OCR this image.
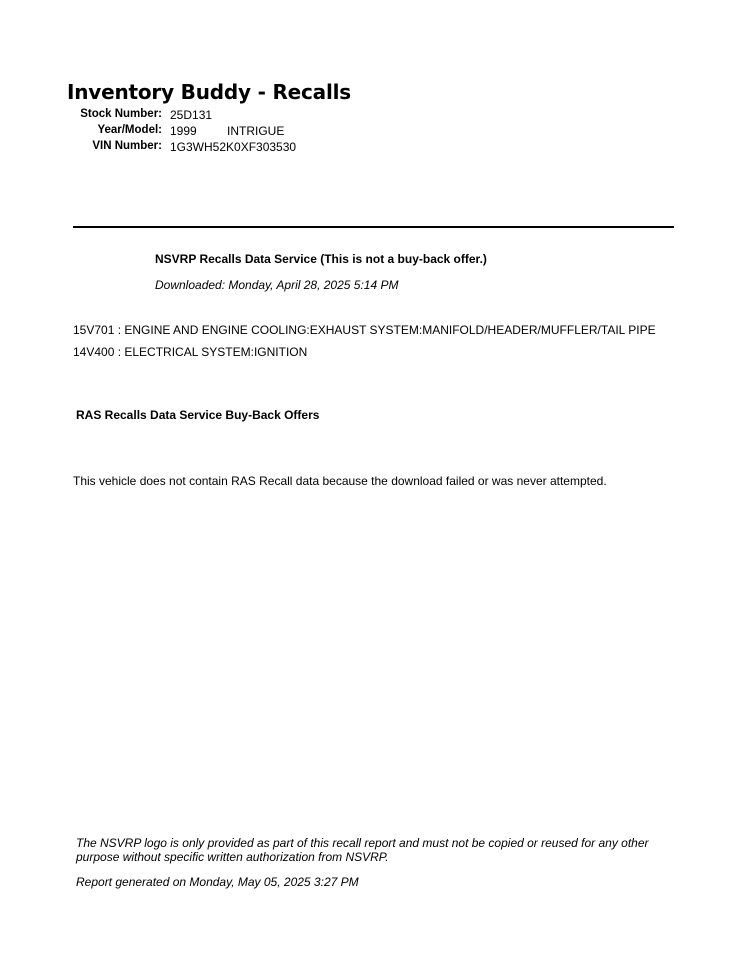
Inventory Buddy - Recalls
Stock Number: 25D131
Year/Model: 1999	INTRIGUE
VIN Number: 1G3WH52K0XF303530
NSVRP Recalls Data Service (This is not a buy-back offer.)
Downloaded: Monday, April 28, 2025 5:14 PM
15V701 : ENGINE AND ENGINE COOLING:EXHAUST SYSTEM:MANIFOLD/HEADER/MUFFLER/TAIL PIPE
14V400 : ELECTRICAL SYSTEM:IGNITION
RAS Recalls Data Service Buy-Back Offers
This vehicle does not contain RAS Recall data because the download failed or was never attempted.
The NSVRP logo is only provided as part of this recall report and must not be copied or reused for any other purpose without specific written authorization from NSVRP.
Report generated on Monday, May 05, 2025 3:27 PM
